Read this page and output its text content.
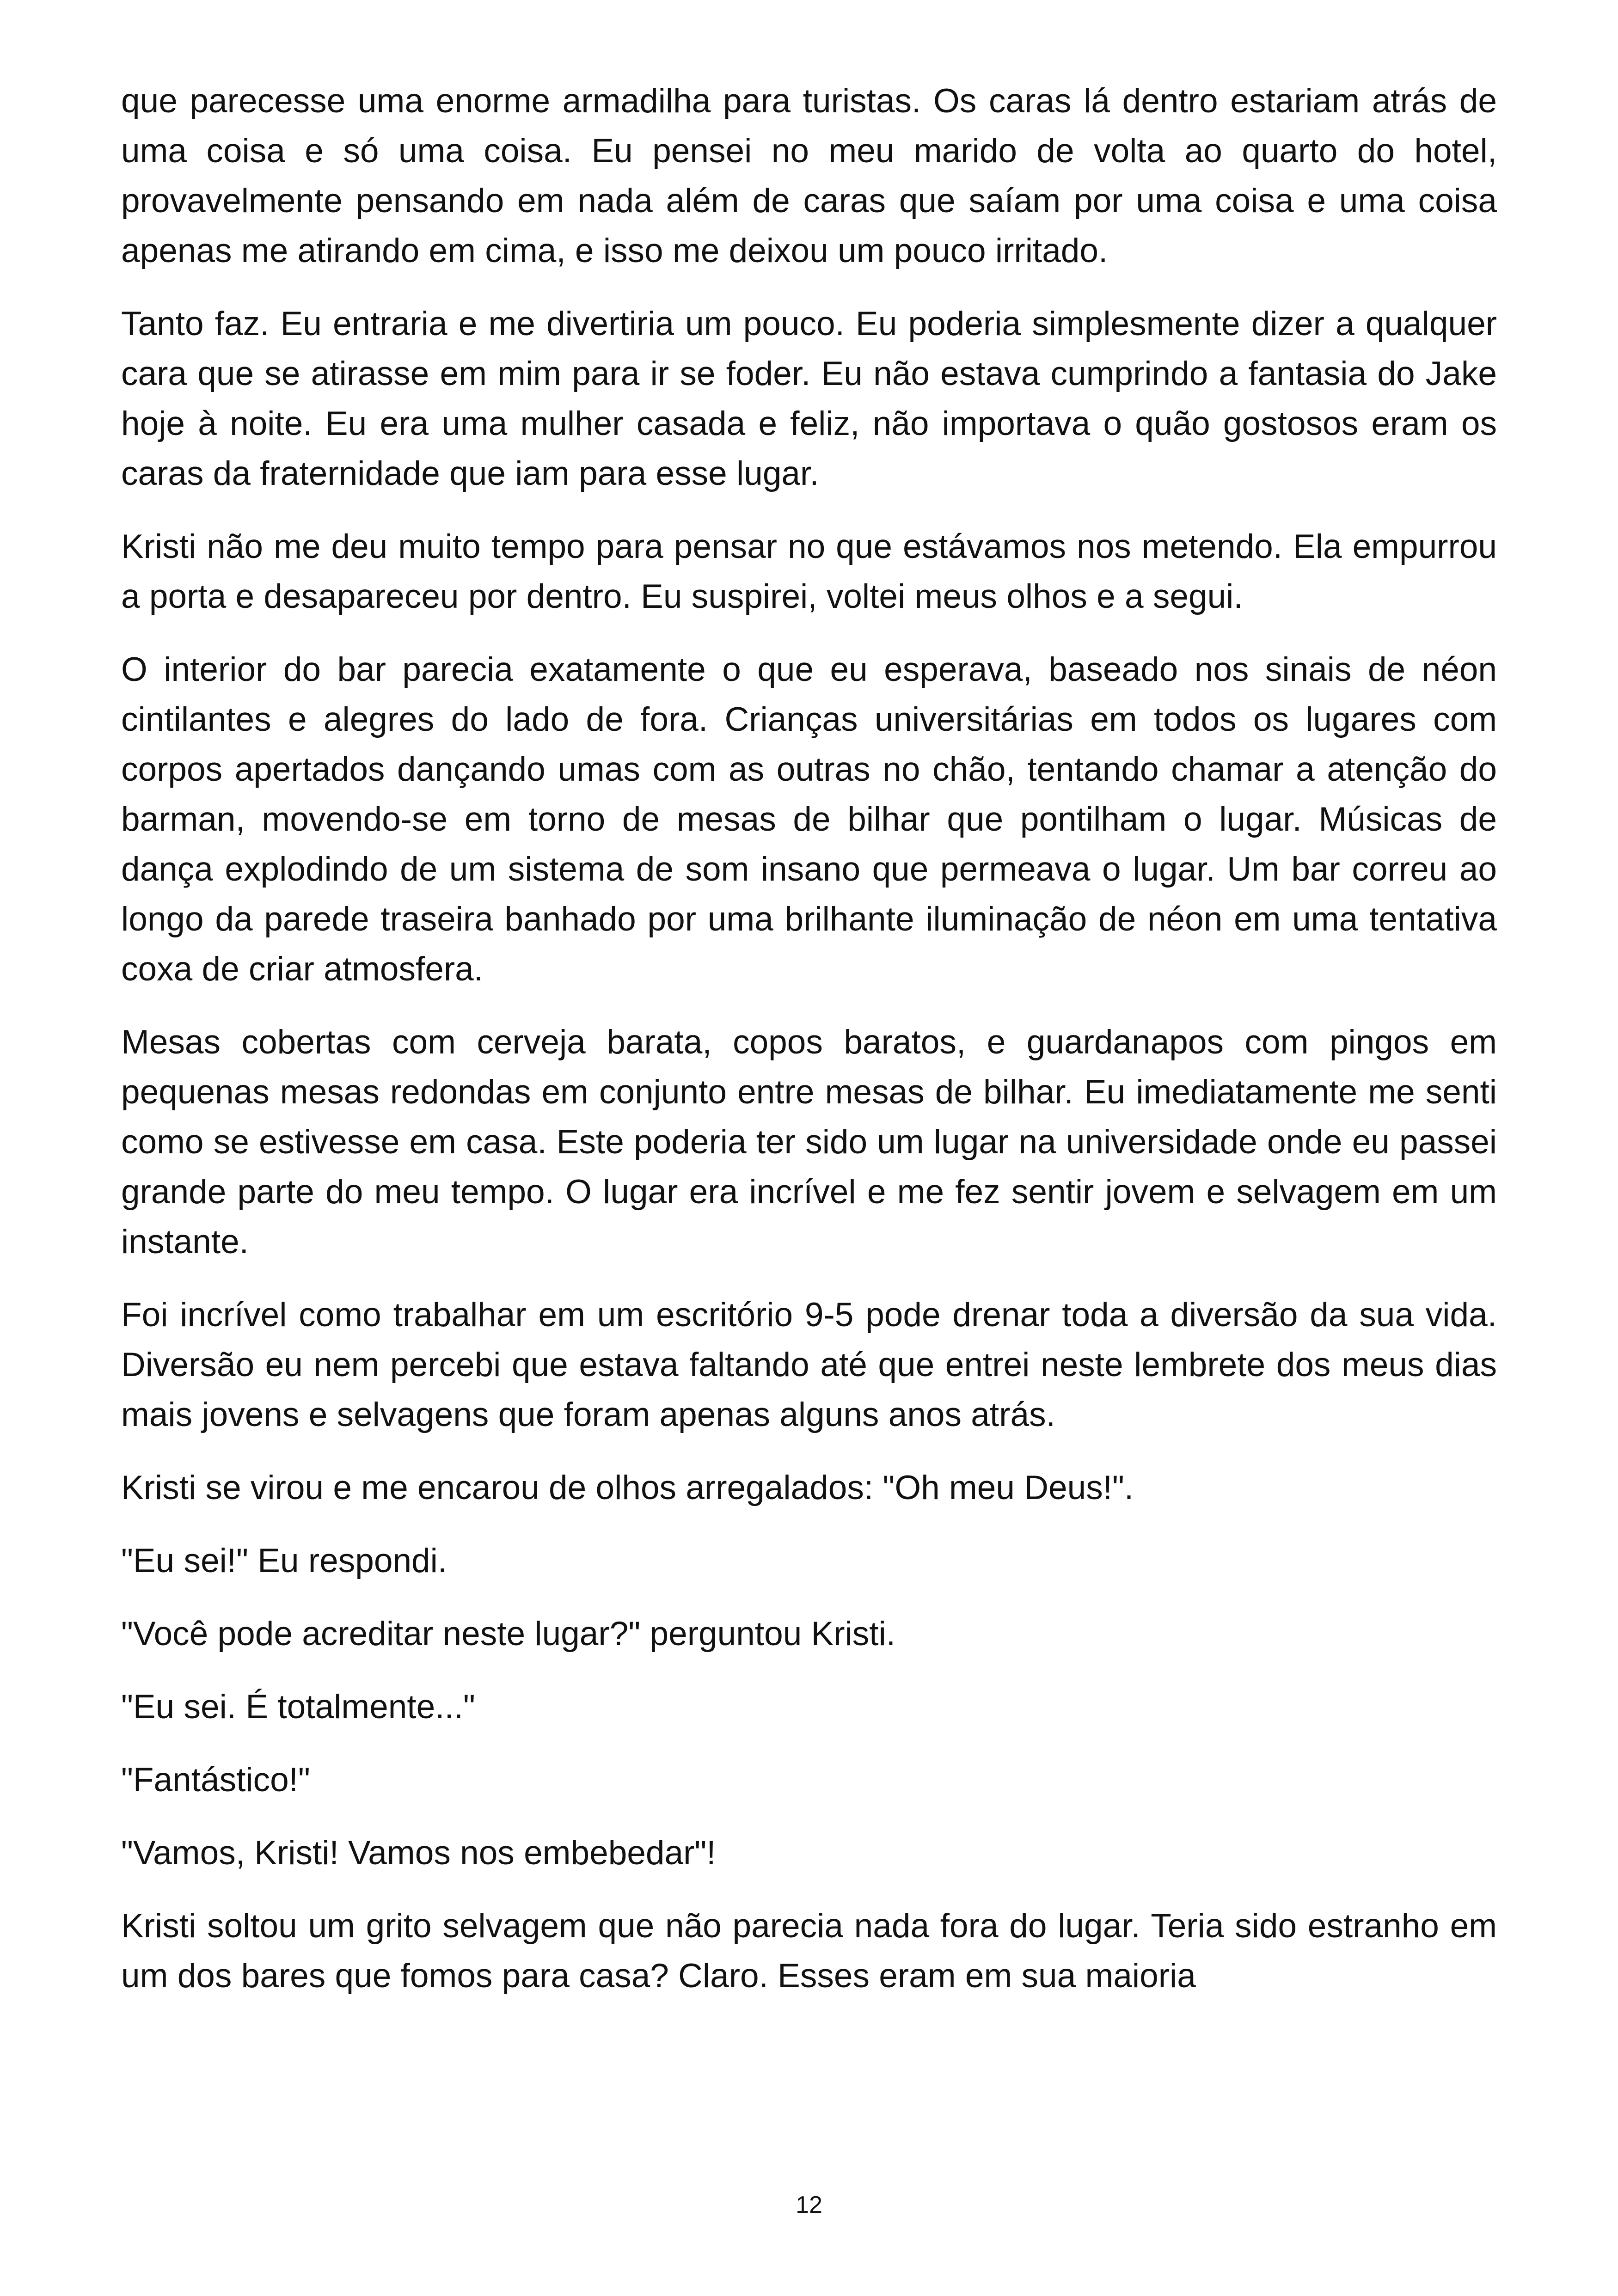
que parecesse uma enorme armadilha para turistas. Os caras lá dentro estariam atrás de uma coisa e só uma coisa. Eu pensei no meu marido de volta ao quarto do hotel, provavelmente pensando em nada além de caras que saíam por uma coisa e uma coisa apenas me atirando em cima, e isso me deixou um pouco irritado.

Tanto faz. Eu entraria e me divertiria um pouco. Eu poderia simplesmente dizer a qualquer cara que se atirasse em mim para ir se foder. Eu não estava cumprindo a fantasia do Jake hoje à noite. Eu era uma mulher casada e feliz, não importava o quão gostosos eram os caras da fraternidade que iam para esse lugar.

Kristi não me deu muito tempo para pensar no que estávamos nos metendo. Ela empurrou a porta e desapareceu por dentro. Eu suspirei, voltei meus olhos e a segui.

O interior do bar parecia exatamente o que eu esperava, baseado nos sinais de néon cintilantes e alegres do lado de fora. Crianças universitárias em todos os lugares com corpos apertados dançando umas com as outras no chão, tentando chamar a atenção do barman, movendo-se em torno de mesas de bilhar que pontilham o lugar. Músicas de dança explodindo de um sistema de som insano que permeava o lugar. Um bar correu ao longo da parede traseira banhado por uma brilhante iluminação de néon em uma tentativa coxa de criar atmosfera.

Mesas cobertas com cerveja barata, copos baratos, e guardanapos com pingos em pequenas mesas redondas em conjunto entre mesas de bilhar. Eu imediatamente me senti como se estivesse em casa. Este poderia ter sido um lugar na universidade onde eu passei grande parte do meu tempo. O lugar era incrível e me fez sentir jovem e selvagem em um instante.

Foi incrível como trabalhar em um escritório 9-5 pode drenar toda a diversão da sua vida. Diversão eu nem percebi que estava faltando até que entrei neste lembrete dos meus dias mais jovens e selvagens que foram apenas alguns anos atrás.

Kristi se virou e me encarou de olhos arregalados: "Oh meu Deus!".

"Eu sei!" Eu respondi.

"Você pode acreditar neste lugar?" perguntou Kristi.

"Eu sei. É totalmente..."

"Fantástico!"

"Vamos, Kristi! Vamos nos embebedar"!

Kristi soltou um grito selvagem que não parecia nada fora do lugar. Teria sido estranho em um dos bares que fomos para casa? Claro. Esses eram em sua maioria

12
